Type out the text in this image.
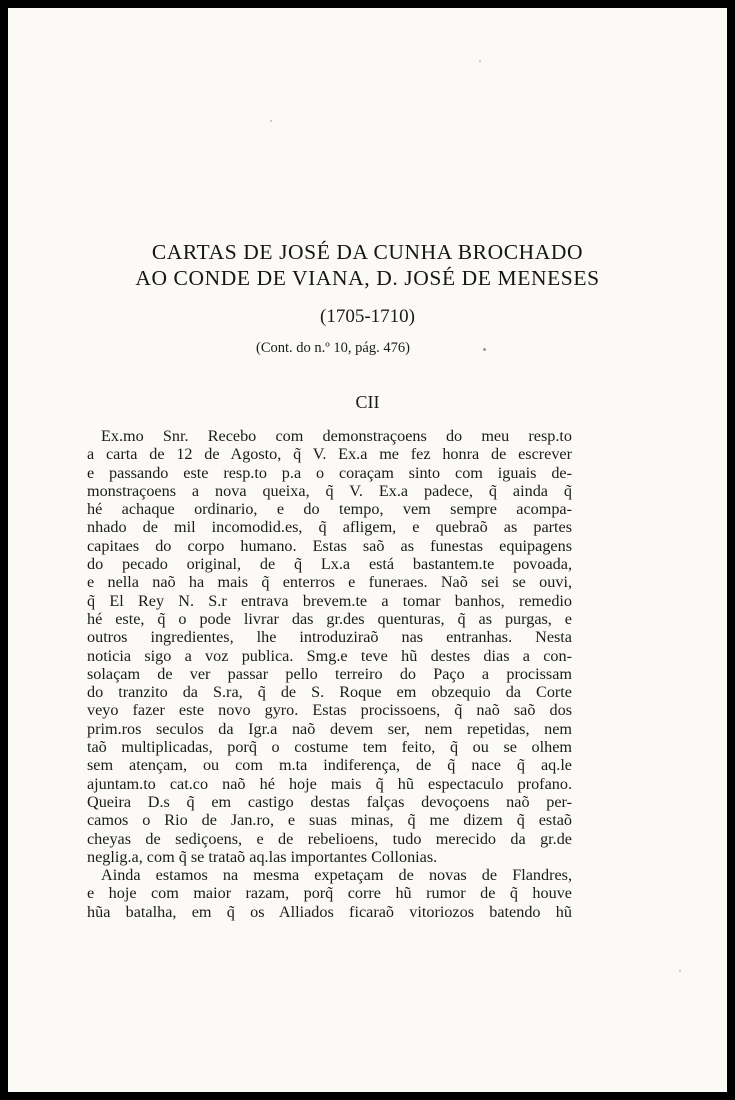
CARTAS DE JOSÉ DA CUNHA BROCHADO
AO CONDE DE VIANA, D. JOSÉ DE MENESES
(1705-1710)
(Cont. do n.º 10, pág. 476)
CII
Ex.mo Snr. Recebo com demonstraçoens do meu resp.to
a carta de 12 de Agosto, q̃ V. Ex.a me fez honra de escrever
e passando este resp.to p.a o coraçam sinto com iguais de-
monstraçoens a nova queixa, q̃ V. Ex.a padece, q̃ ainda q̃
hé achaque ordinario, e do tempo, vem sempre acompa-
nhado de mil incomodid.es, q̃ afligem, e quebraõ as partes
capitaes do corpo humano. Estas saõ as funestas equipagens
do pecado original, de q̃ Lx.a está bastantem.te povoada,
e nella naõ ha mais q̃ enterros e funeraes. Naõ sei se ouvi,
q̃ El Rey N. S.r entrava brevem.te a tomar banhos, remedio
hé este, q̃ o pode livrar das gr.des quenturas, q̃ as purgas, e
outros ingredientes, lhe introduziraõ nas entranhas. Nesta
noticia sigo a voz publica. Smg.e teve hũ destes dias a con-
solaçam de ver passar pello terreiro do Paço a procissam
do tranzito da S.ra, q̃ de S. Roque em obzequio da Corte
veyo fazer este novo gyro. Estas procissoens, q̃ naõ saõ dos
prim.ros seculos da Igr.a naõ devem ser, nem repetidas, nem
taõ multiplicadas, porq̃ o costume tem feito, q̃ ou se olhem
sem atençam, ou com m.ta indiferença, de q̃ nace q̃ aq.le
ajuntam.to cat.co naõ hé hoje mais q̃ hũ espectaculo profano.
Queira D.s q̃ em castigo destas falças devoçoens naõ per-
camos o Rio de Jan.ro, e suas minas, q̃ me dizem q̃ estaõ
cheyas de sediçoens, e de rebelioens, tudo merecido da gr.de
neglig.a, com q̃ se trataõ aq.las importantes Collonias.
Ainda estamos na mesma expetaçam de novas de Flandres,
e hoje com maior razam, porq̃ corre hũ rumor de q̃ houve
hũa batalha, em q̃ os Alliados ficaraõ vitoriozos batendo hũ
